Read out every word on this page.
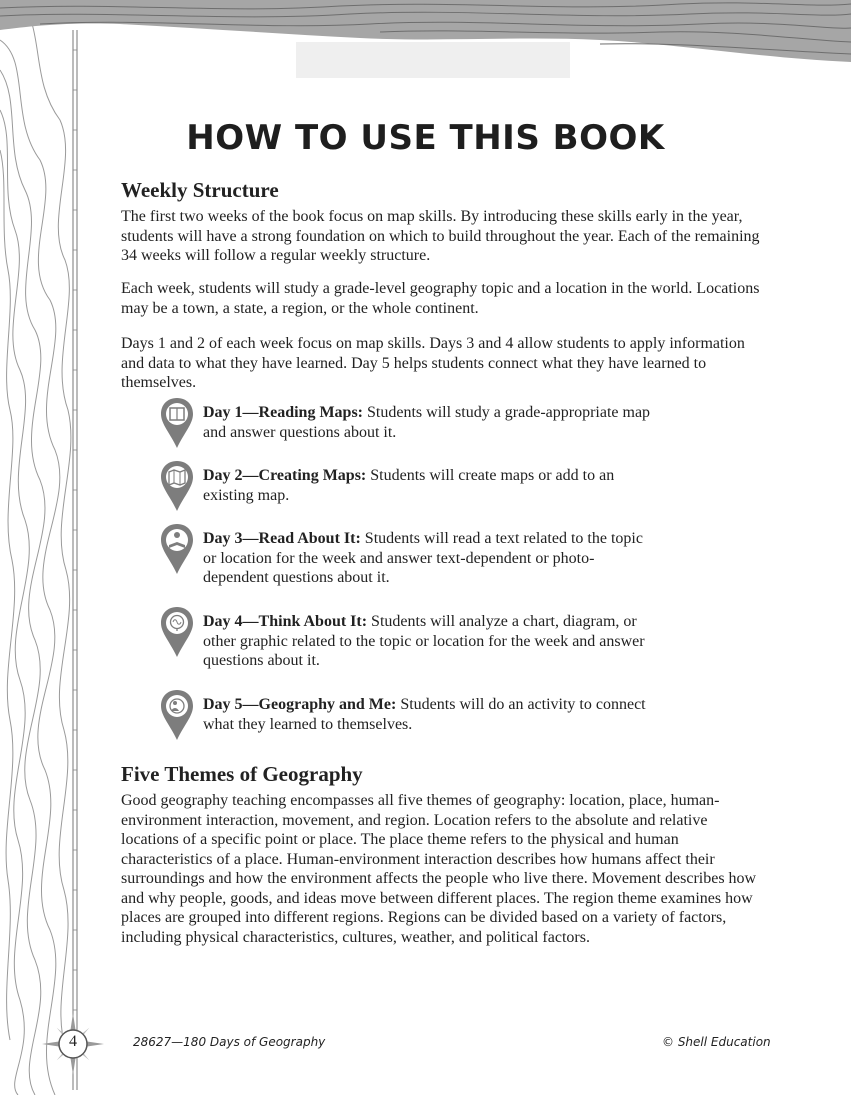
HOW TO USE THIS BOOK
Weekly Structure

The first two weeks of the book focus on map skills. By introducing these skills early in the year, students will have a strong foundation on which to build throughout the year. Each of the remaining 34 weeks will follow a regular weekly structure.

Each week, students will study a grade-level geography topic and a location in the world. Locations may be a town, a state, a region, or the whole continent.

Days 1 and 2 of each week focus on map skills. Days 3 and 4 allow students to apply information and data to what they have learned. Day 5 helps students connect what they have learned to themselves.

Day 1—Reading Maps: Students will study a grade-appropriate map and answer questions about it.
Day 2—Creating Maps: Students will create maps or add to an existing map.
Day 3—Read About It: Students will read a text related to the topic or location for the week and answer text-dependent or photo-dependent questions about it.
Day 4—Think About It: Students will analyze a chart, diagram, or other graphic related to the topic or location for the week and answer questions about it.
Day 5—Geography and Me: Students will do an activity to connect what they learned to themselves.
Five Themes of Geography

Good geography teaching encompasses all five themes of geography: location, place, human-environment interaction, movement, and region. Location refers to the absolute and relative locations of a specific point or place. The place theme refers to the physical and human characteristics of a place. Human-environment interaction describes how humans affect their surroundings and how the environment affects the people who live there. Movement describes how and why people, goods, and ideas move between different places. The region theme examines how places are grouped into different regions. Regions can be divided based on a variety of factors, including physical characteristics, cultures, weather, and political factors.

4	28627—180 Days of Geography	© Shell Education
